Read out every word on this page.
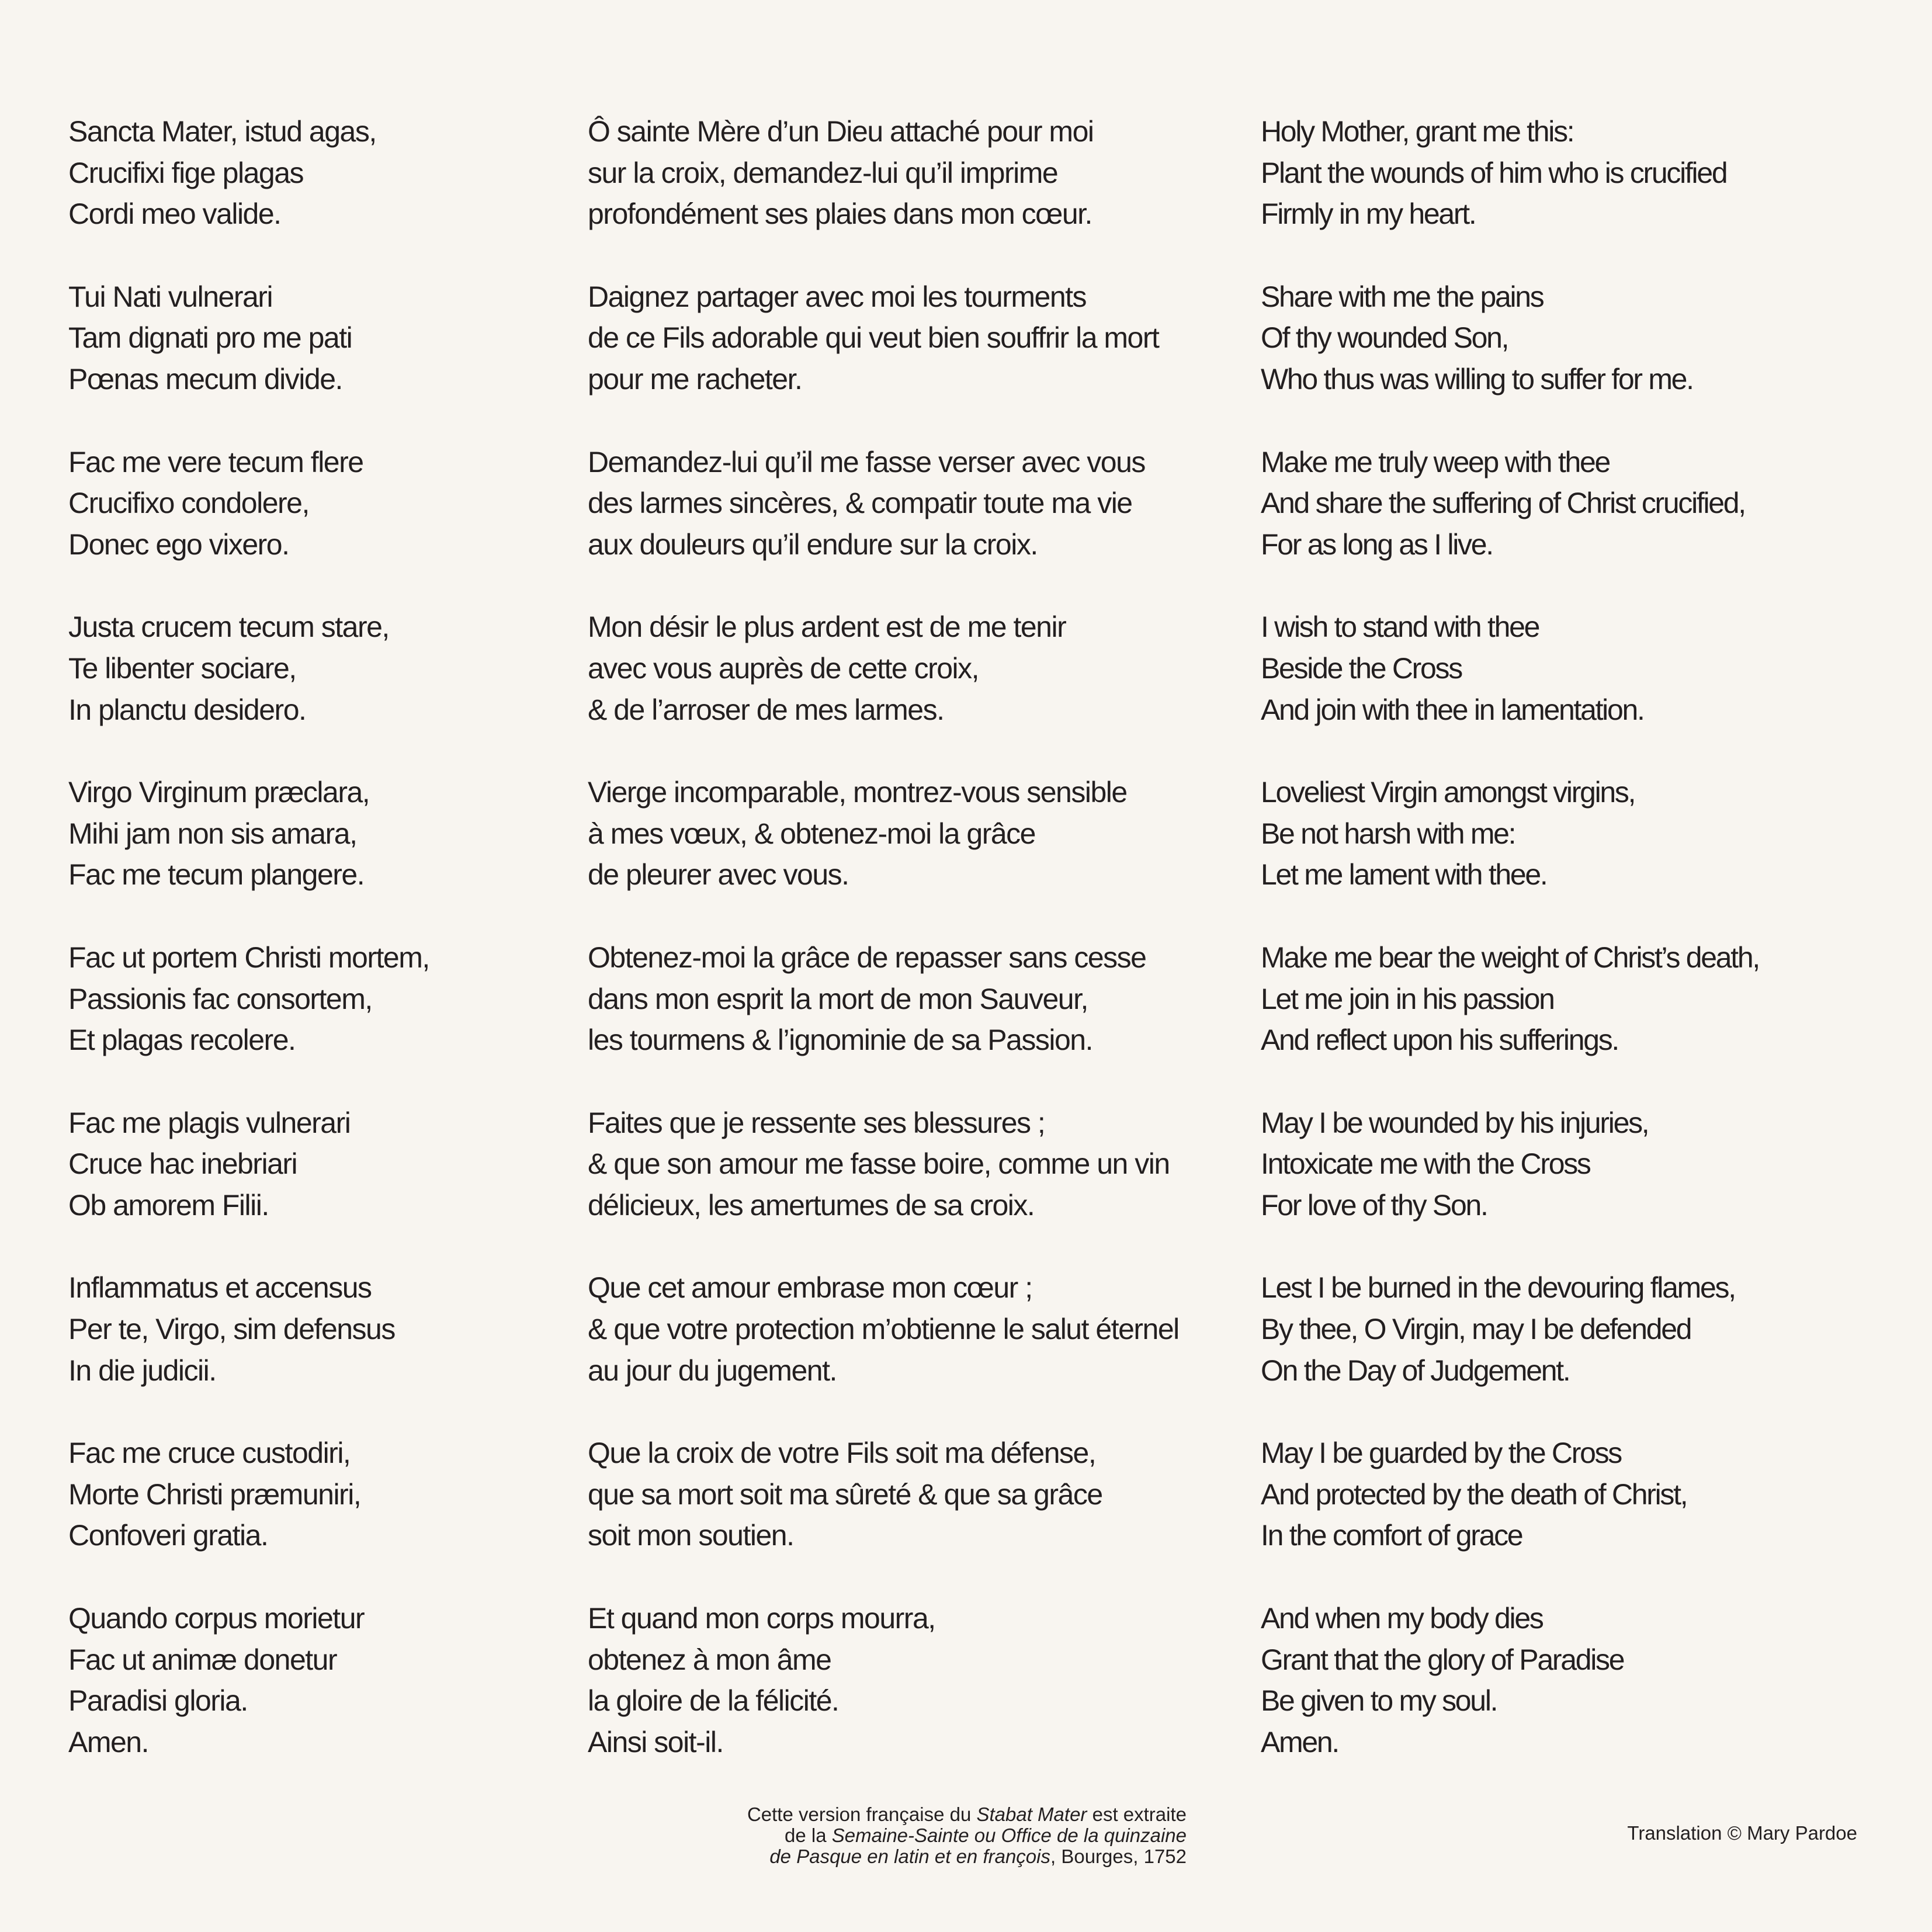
Sancta Mater, istud agas,
Crucifixi fige plagas
Cordi meo valide.
Tui Nati vulnerari
Tam dignati pro me pati
Pœnas mecum divide.
Fac me vere tecum flere
Crucifixo condolere,
Donec ego vixero.
Justa crucem tecum stare,
Te libenter sociare,
In planctu desidero.
Virgo Virginum præclara,
Mihi jam non sis amara,
Fac me tecum plangere.
Fac ut portem Christi mortem,
Passionis fac consortem,
Et plagas recolere.
Fac me plagis vulnerari
Cruce hac inebriari
Ob amorem Filii.
Inflammatus et accensus
Per te, Virgo, sim defensus
In die judicii.
Fac me cruce custodiri,
Morte Christi præmuniri,
Confoveri gratia.
Quando corpus morietur
Fac ut animæ donetur
Paradisi gloria.
Amen.
Ô sainte Mère d’un Dieu attaché pour moi
sur la croix, demandez-lui qu’il imprime
profondément ses plaies dans mon cœur.
Daignez partager avec moi les tourments
de ce Fils adorable qui veut bien souffrir la mort
pour me racheter.
Demandez-lui qu’il me fasse verser avec vous
des larmes sincères, & compatir toute ma vie
aux douleurs qu’il endure sur la croix.
Mon désir le plus ardent est de me tenir
avec vous auprès de cette croix,
& de l’arroser de mes larmes.
Vierge incomparable, montrez-vous sensible
à mes vœux, & obtenez-moi la grâce
de pleurer avec vous.
Obtenez-moi la grâce de repasser sans cesse
dans mon esprit la mort de mon Sauveur,
les tourmens & l’ignominie de sa Passion.
Faites que je ressente ses blessures ;
& que son amour me fasse boire, comme un vin
délicieux, les amertumes de sa croix.
Que cet amour embrase mon cœur ;
& que votre protection m’obtienne le salut éternel
au jour du jugement.
Que la croix de votre Fils soit ma défense,
que sa mort soit ma sûreté & que sa grâce
soit mon soutien.
Et quand mon corps mourra,
obtenez à mon âme
la gloire de la félicité.
Ainsi soit-il.
Holy Mother, grant me this:
Plant the wounds of him who is crucified
Firmly in my heart.
Share with me the pains
Of thy wounded Son,
Who thus was willing to suffer for me.
Make me truly weep with thee
And share the suffering of Christ crucified,
For as long as I live.
I wish to stand with thee
Beside the Cross
And join with thee in lamentation.
Loveliest Virgin amongst virgins,
Be not harsh with me:
Let me lament with thee.
Make me bear the weight of Christ’s death,
Let me join in his passion
And reflect upon his sufferings.
May I be wounded by his injuries,
Intoxicate me with the Cross
For love of thy Son.
Lest I be burned in the devouring flames,
By thee, O Virgin, may I be defended
On the Day of Judgement.
May I be guarded by the Cross
And protected by the death of Christ,
In the comfort of grace
And when my body dies
Grant that the glory of Paradise
Be given to my soul.
Amen.
Cette version française du Stabat Mater est extraite
de la Semaine-Sainte ou Office de la quinzaine
de Pasque en latin et en françois, Bourges, 1752
Translation © Mary Pardoe
